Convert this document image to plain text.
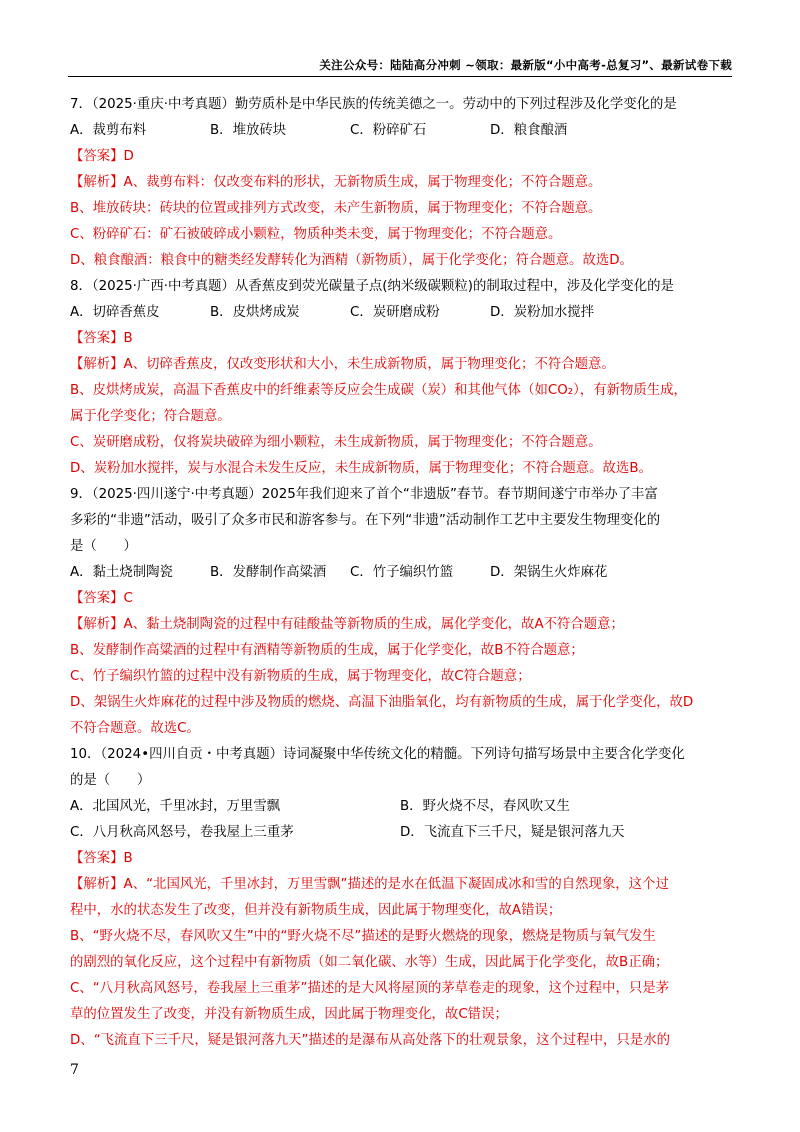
关注公众号：陆陆高分冲刺 ~领取：最新版“小中高考-总复习”、最新试卷下载
7．（2025·重庆·中考真题）勤劳质朴是中华民族的传统美德之一。劳动中的下列过程涉及化学变化的是
A．裁剪布料	B．堆放砖块	C．粉碎矿石	D．粮食酿酒
【答案】D
【解析】A、裁剪布料：仅改变布料的形状，无新物质生成，属于物理变化；不符合题意。
B、堆放砖块：砖块的位置或排列方式改变，未产生新物质，属于物理变化；不符合题意。
C、粉碎矿石：矿石被破碎成小颗粒，物质种类未变，属于物理变化；不符合题意。
D、粮食酿酒：粮食中的糖类经发酵转化为酒精（新物质），属于化学变化；符合题意。故选D。
8．（2025·广西·中考真题）从香蕉皮到荧光碳量子点(纳米级碳颗粒)的制取过程中，涉及化学变化的是
A．切碎香蕉皮	B．皮烘烤成炭	C．炭研磨成粉	D．炭粉加水搅拌
【答案】B
【解析】A、切碎香蕉皮，仅改变形状和大小，未生成新物质，属于物理变化；不符合题意。
B、皮烘烤成炭，高温下香蕉皮中的纤维素等反应会生成碳（炭）和其他气体（如CO₂），有新物质生成，
属于化学变化；符合题意。
C、炭研磨成粉，仅将炭块破碎为细小颗粒，未生成新物质，属于物理变化；不符合题意。
D、炭粉加水搅拌，炭与水混合未发生反应，未生成新物质，属于物理变化；不符合题意。故选B。
9．（2025·四川遂宁·中考真题）2025年我们迎来了首个“非遗版”春节。春节期间遂宁市举办了丰富
多彩的“非遗”活动，吸引了众多市民和游客参与。在下列“非遗”活动制作工艺中主要发生物理变化的
是（　　）
A．黏土烧制陶瓷	B．发酵制作高粱酒	C．竹子编织竹篮	D．架锅生火炸麻花
【答案】C
【解析】A、黏土烧制陶瓷的过程中有硅酸盐等新物质的生成，属化学变化，故A不符合题意；
B、发酵制作高粱酒的过程中有酒精等新物质的生成，属于化学变化，故B不符合题意；
C、竹子编织竹篮的过程中没有新物质的生成，属于物理变化，故C符合题意；
D、架锅生火炸麻花的过程中涉及物质的燃烧、高温下油脂氧化，均有新物质的生成，属于化学变化，故D
不符合题意。故选C。
10．（2024•四川自贡・中考真题）诗词凝聚中华传统文化的精髓。下列诗句描写场景中主要含化学变化
的是（　　）
A．北国风光，千里冰封，万里雪飘	B．野火烧不尽，春风吹又生
C．八月秋高风怒号，卷我屋上三重茅	D．飞流直下三千尺，疑是银河落九天
【答案】B
【解析】A、“北国风光，千里冰封，万里雪飘”描述的是水在低温下凝固成冰和雪的自然现象，这个过
程中，水的状态发生了改变，但并没有新物质生成，因此属于物理变化，故A错误；
B、“野火烧不尽，春风吹又生”中的“野火烧不尽”描述的是野火燃烧的现象，燃烧是物质与氧气发生
的剧烈的氧化反应，这个过程中有新物质（如二氧化碳、水等）生成，因此属于化学变化，故B正确；
C、“八月秋高风怒号，卷我屋上三重茅”描述的是大风将屋顶的茅草卷走的现象，这个过程中，只是茅
草的位置发生了改变，并没有新物质生成，因此属于物理变化，故C错误；
D、“飞流直下三千尺，疑是银河落九天”描述的是瀑布从高处落下的壮观景象，这个过程中，只是水的
7
